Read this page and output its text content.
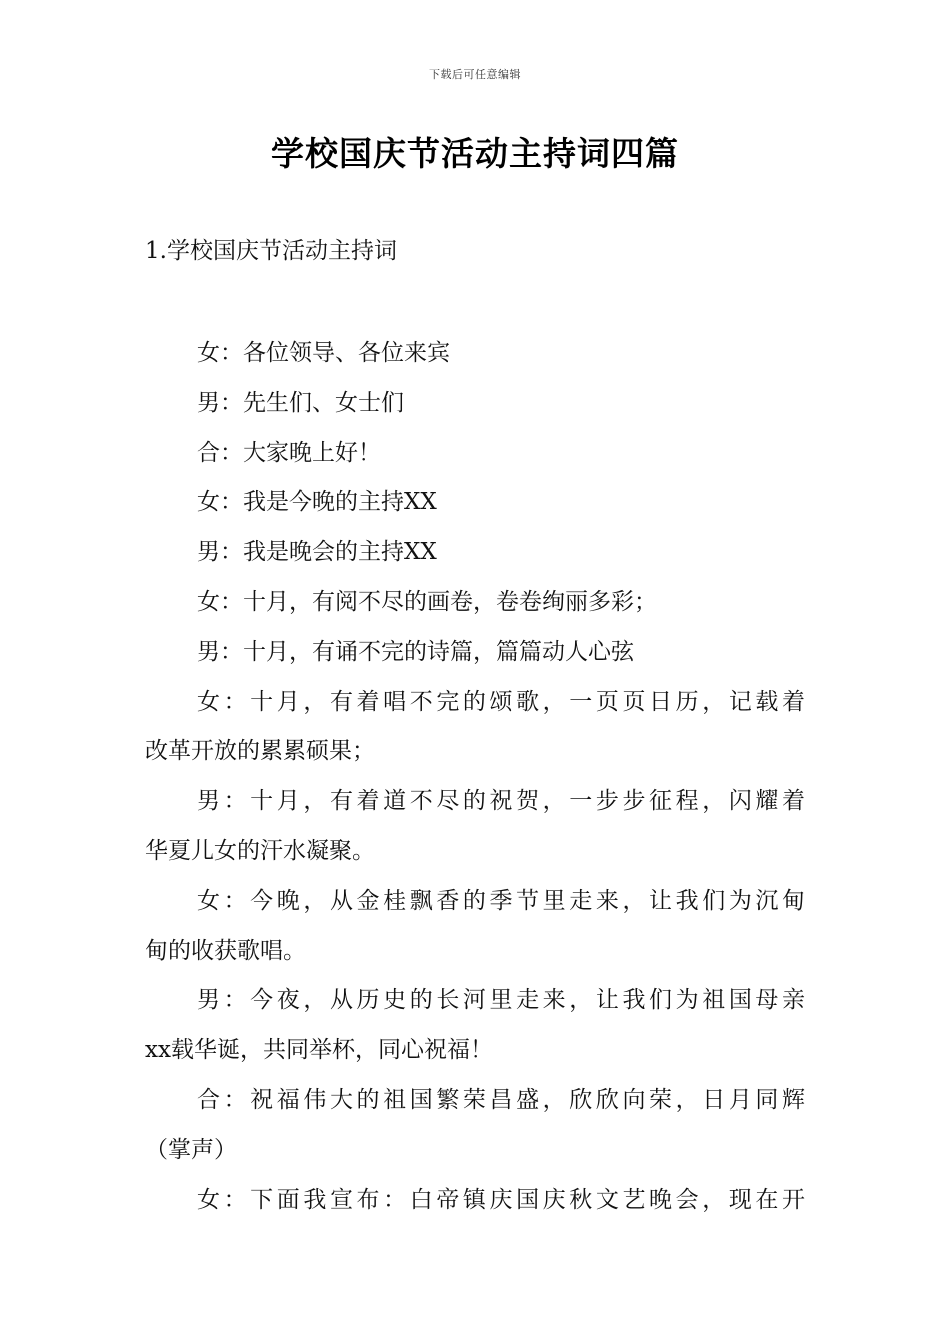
下载后可任意编辑
学校国庆节活动主持词四篇
1.学校国庆节活动主持词

女：各位领导、各位来宾

男：先生们、女士们

合：大家晚上好！

女：我是今晚的主持XX

男：我是晚会的主持XX

女：十月，有阅不尽的画卷，卷卷绚丽多彩；

男：十月，有诵不完的诗篇，篇篇动人心弦

女：十月，有着唱不完的颂歌，一页页日历，记载着

改革开放的累累硕果；

男：十月，有着道不尽的祝贺，一步步征程，闪耀着

华夏儿女的汗水凝聚。

女：今晚，从金桂飘香的季节里走来，让我们为沉甸

甸的收获歌唱。

男：今夜，从历史的长河里走来，让我们为祖国母亲

xx载华诞，共同举杯，同心祝福！

合：祝福伟大的祖国繁荣昌盛，欣欣向荣，日月同辉

（掌声）

女：下面我宣布：白帝镇庆国庆秋文艺晚会，现在开
